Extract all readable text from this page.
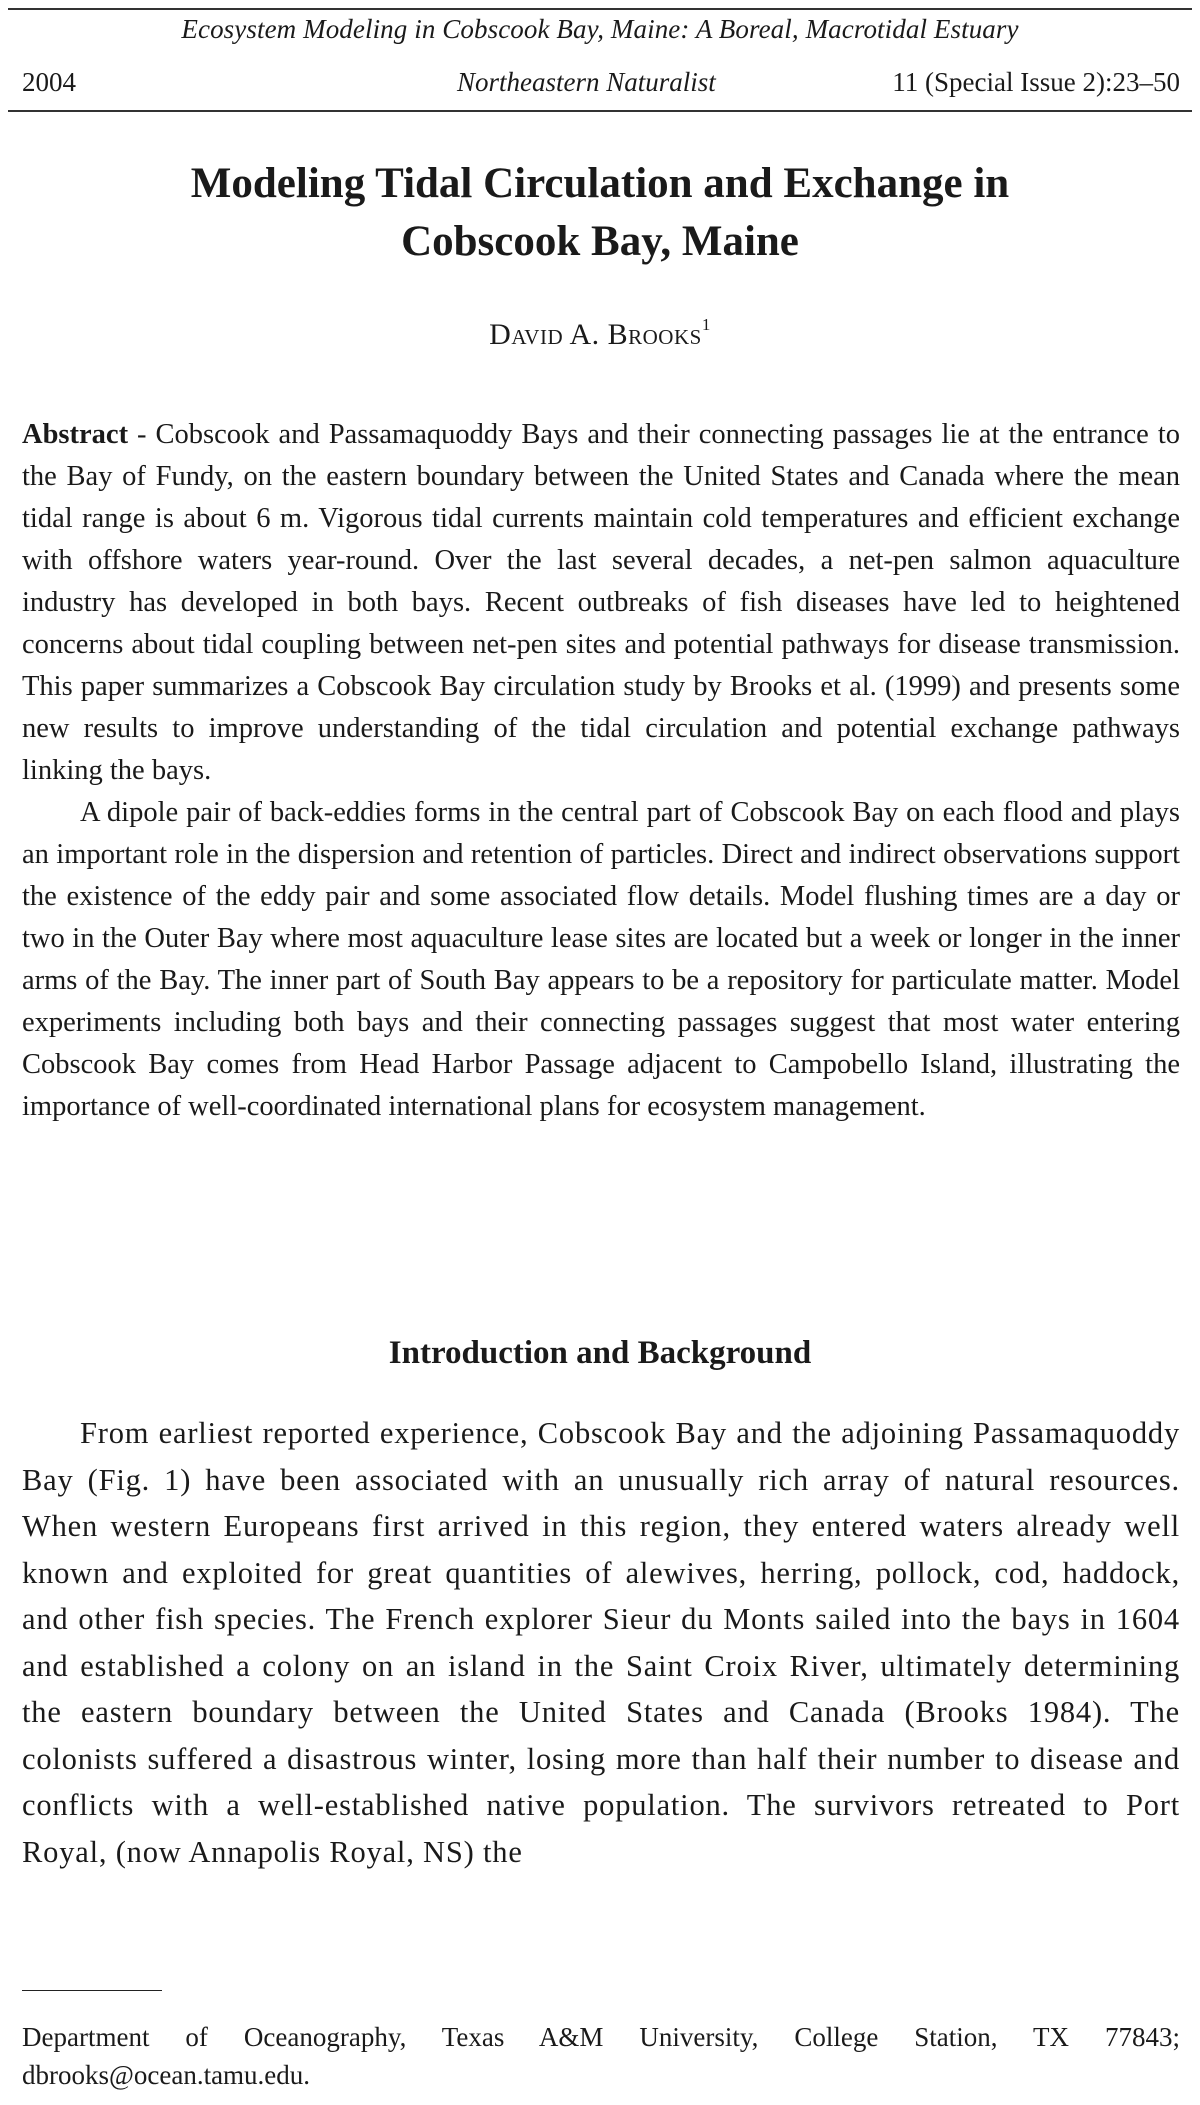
Ecosystem Modeling in Cobscook Bay, Maine: A Boreal, Macrotidal Estuary
2004	Northeastern Naturalist	11 (Special Issue 2):23–50
Modeling Tidal Circulation and Exchange in
Cobscook Bay, Maine
David A. Brooks$^1$

Abstract - Cobscook and Passamaquoddy Bays and their connecting passages lie at the entrance to the Bay of Fundy, on the eastern boundary between the United States and Canada where the mean tidal range is about 6 m. Vigorous tidal currents maintain cold temperatures and efficient exchange with offshore waters year-round. Over the last several decades, a net-pen salmon aquaculture industry has developed in both bays. Recent outbreaks of fish diseases have led to heightened concerns about tidal coupling between net-pen sites and potential pathways for disease transmission. This paper summarizes a Cobscook Bay circulation study by Brooks et al. (1999) and presents some new results to improve understanding of the tidal circulation and potential exchange pathways linking the bays.

A dipole pair of back-eddies forms in the central part of Cobscook Bay on each flood and plays an important role in the dispersion and retention of particles. Direct and indirect observations support the existence of the eddy pair and some associated flow details. Model flushing times are a day or two in the Outer Bay where most aquaculture lease sites are located but a week or longer in the inner arms of the Bay. The inner part of South Bay appears to be a repository for particulate matter. Model experiments including both bays and their connecting passages suggest that most water entering Cobscook Bay comes from Head Harbor Passage adjacent to Campobello Island, illustrating the importance of well-coordinated international plans for ecosystem management.

Introduction and Background

From earliest reported experience, Cobscook Bay and the adjoining Passamaquoddy Bay (Fig. 1) have been associated with an unusually rich array of natural resources. When western Europeans first arrived in this region, they entered waters already well known and exploited for great quantities of alewives, herring, pollock, cod, haddock, and other fish species. The French explorer Sieur du Monts sailed into the bays in 1604 and established a colony on an island in the Saint Croix River, ultimately determining the eastern boundary between the United States and Canada (Brooks 1984). The colonists suffered a disastrous winter, losing more than half their number to disease and conflicts with a well-established native population. The survivors retreated to Port Royal, (now Annapolis Royal, NS) the

Department of Oceanography, Texas A&M University, College Station, TX 77843; dbrooks@ocean.tamu.edu.
